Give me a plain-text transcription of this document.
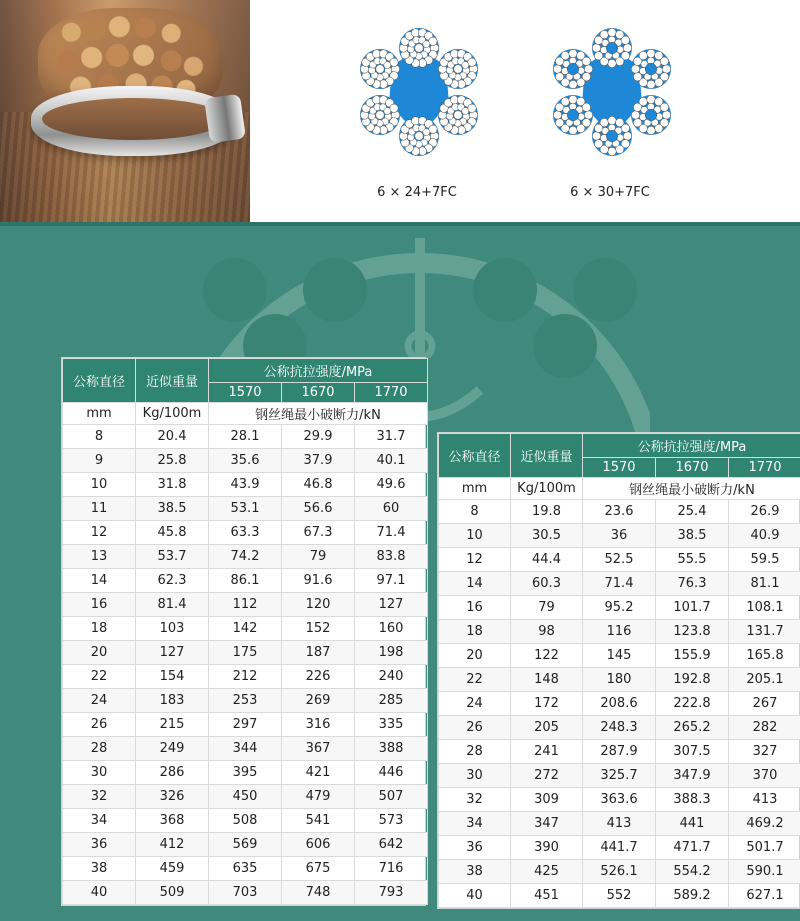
6 × 24+7FC	6 × 30+7FC
公称直径	近似重量	公称抗拉强度/MPa		
		1570	1670	1770
mm	Kg/100m	钢丝绳最小破断力/kN		
8	20.4	28.1	29.9	31.7
9	25.8	35.6	37.9	40.1
10	31.8	43.9	46.8	49.6
11	38.5	53.1	56.6	60
12	45.8	63.3	67.3	71.4
13	53.7	74.2	79	83.8
14	62.3	86.1	91.6	97.1
16	81.4	112	120	127
18	103	142	152	160
20	127	175	187	198
22	154	212	226	240
24	183	253	269	285
26	215	297	316	335
28	249	344	367	388
30	286	395	421	446
32	326	450	479	507
34	368	508	541	573
36	412	569	606	642
38	459	635	675	716
40	509	703	748	793
公称直径	近似重量	公称抗拉强度/MPa		
		1570	1670	1770
mm	Kg/100m	钢丝绳最小破断力/kN		
8	19.8	23.6	25.4	26.9
10	30.5	36	38.5	40.9
12	44.4	52.5	55.5	59.5
14	60.3	71.4	76.3	81.1
16	79	95.2	101.7	108.1
18	98	116	123.8	131.7
20	122	145	155.9	165.8
22	148	180	192.8	205.1
24	172	208.6	222.8	267
26	205	248.3	265.2	282
28	241	287.9	307.5	327
30	272	325.7	347.9	370
32	309	363.6	388.3	413
34	347	413	441	469.2
36	390	441.7	471.7	501.7
38	425	526.1	554.2	590.1
40	451	552	589.2	627.1
